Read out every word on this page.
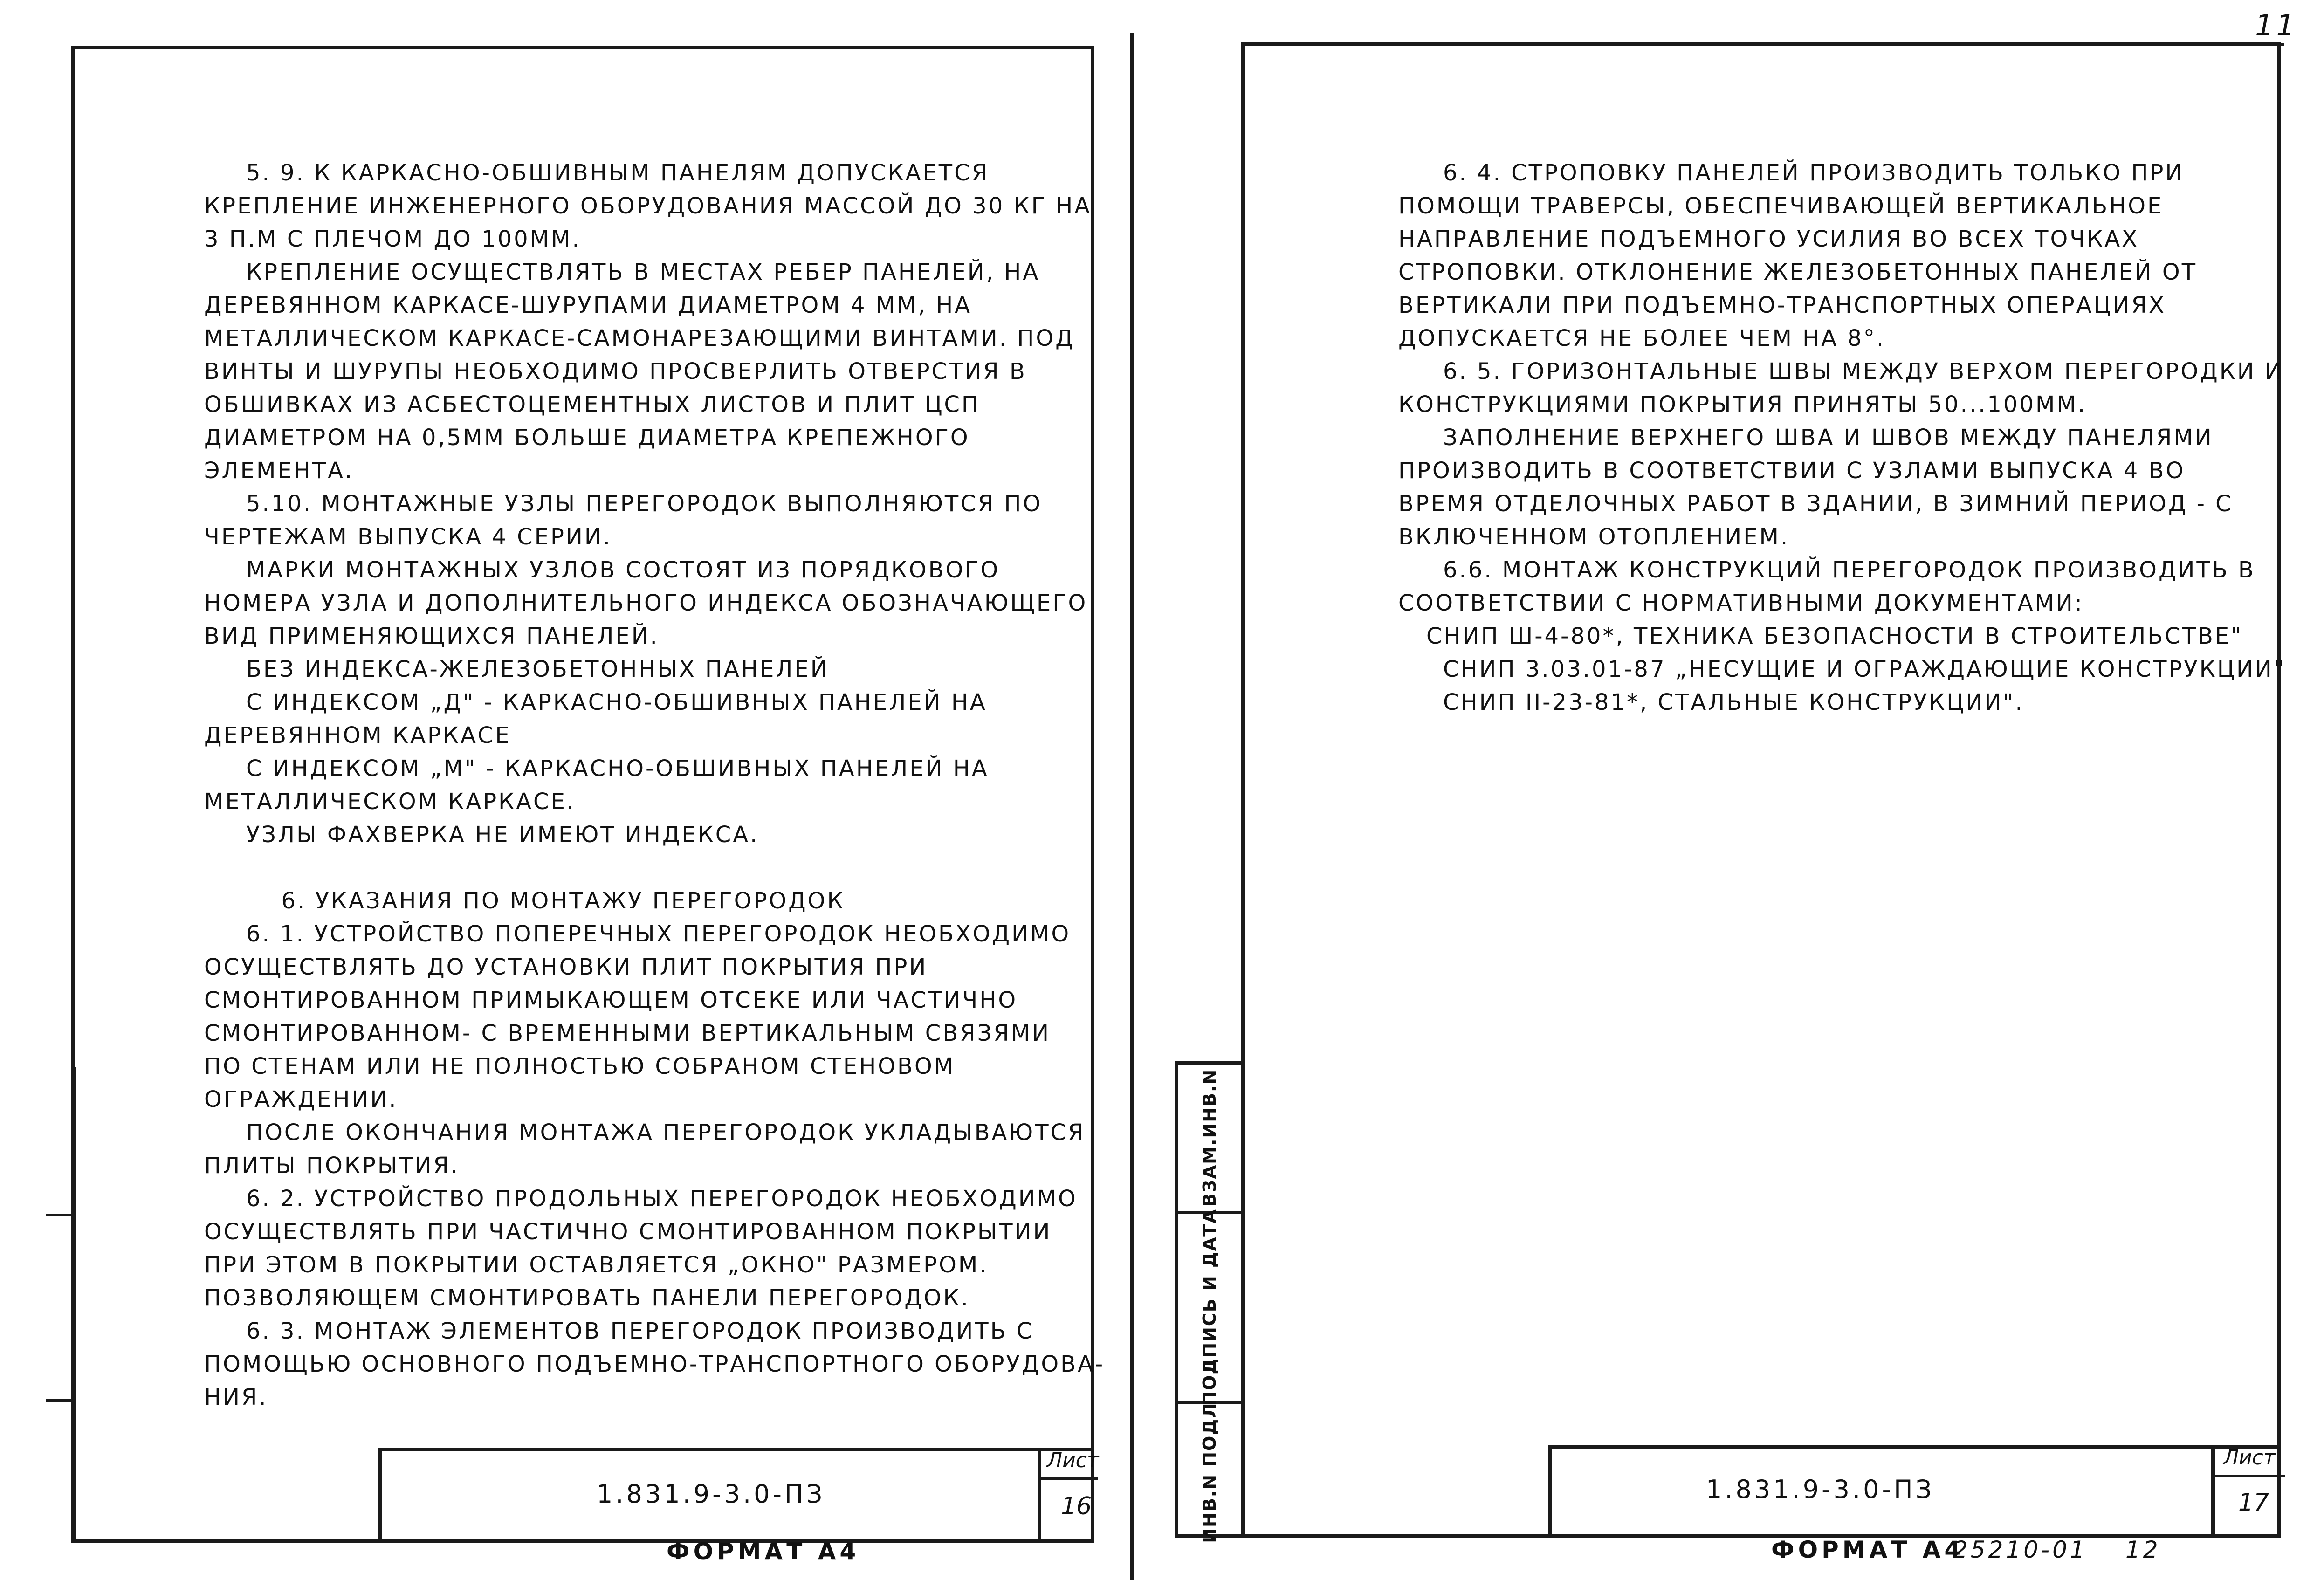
11

5. 9. К КАРКАСНО-ОБШИВНЫМ ПАНЕЛЯМ ДОПУСКАЕТСЯ

КРЕПЛЕНИЕ ИНЖЕНЕРНОГО ОБОРУДОВАНИЯ МАССОЙ ДО 30 КГ НА

3 П.М С ПЛЕЧОМ ДО 100ММ.

КРЕПЛЕНИЕ ОСУЩЕСТВЛЯТЬ В МЕСТАХ РЕБЕР ПАНЕЛЕЙ, НА

ДЕРЕВЯННОМ КАРКАСЕ-ШУРУПАМИ ДИАМЕТРОМ 4 ММ, НА

МЕТАЛЛИЧЕСКОМ КАРКАСЕ-САМОНАРЕЗАЮЩИМИ ВИНТАМИ. ПОД

ВИНТЫ И ШУРУПЫ НЕОБХОДИМО ПРОСВЕРЛИТЬ ОТВЕРСТИЯ В

ОБШИВКАХ ИЗ АСБЕСТОЦЕМЕНТНЫХ ЛИСТОВ И ПЛИТ ЦСП

ДИАМЕТРОМ НА 0,5ММ БОЛЬШЕ ДИАМЕТРА КРЕПЕЖНОГО

ЭЛЕМЕНТА.

5.10. МОНТАЖНЫЕ УЗЛЫ ПЕРЕГОРОДОК ВЫПОЛНЯЮТСЯ ПО

ЧЕРТЕЖАМ ВЫПУСКА 4 СЕРИИ.

МАРКИ МОНТАЖНЫХ УЗЛОВ СОСТОЯТ ИЗ ПОРЯДКОВОГО

НОМЕРА УЗЛА И ДОПОЛНИТЕЛЬНОГО ИНДЕКСА ОБОЗНАЧАЮЩЕГО

ВИД ПРИМЕНЯЮЩИХСЯ ПАНЕЛЕЙ.

БЕЗ ИНДЕКСА-ЖЕЛЕЗОБЕТОННЫХ ПАНЕЛЕЙ

С ИНДЕКСОМ „Д" - КАРКАСНО-ОБШИВНЫХ ПАНЕЛЕЙ НА

ДЕРЕВЯННОМ КАРКАСЕ

С ИНДЕКСОМ „М" - КАРКАСНО-ОБШИВНЫХ ПАНЕЛЕЙ НА

МЕТАЛЛИЧЕСКОМ КАРКАСЕ.

УЗЛЫ ФАХВЕРКА НЕ ИМЕЮТ ИНДЕКСА.

6. УКАЗАНИЯ ПО МОНТАЖУ ПЕРЕГОРОДОК

6. 1. УСТРОЙСТВО ПОПЕРЕЧНЫХ ПЕРЕГОРОДОК НЕОБХОДИМО

ОСУЩЕСТВЛЯТЬ ДО УСТАНОВКИ ПЛИТ ПОКРЫТИЯ ПРИ

СМОНТИРОВАННОМ ПРИМЫКАЮЩЕМ ОТСЕКЕ ИЛИ ЧАСТИЧНО

СМОНТИРОВАННОМ- С ВРЕМЕННЫМИ ВЕРТИКАЛЬНЫМ СВЯЗЯМИ

ПО СТЕНАМ ИЛИ НЕ ПОЛНОСТЬЮ СОБРАНОМ СТЕНОВОМ

ОГРАЖДЕНИИ.

ПОСЛЕ ОКОНЧАНИЯ МОНТАЖА ПЕРЕГОРОДОК УКЛАДЫВАЮТСЯ

ПЛИТЫ ПОКРЫТИЯ.

6. 2. УСТРОЙСТВО ПРОДОЛЬНЫХ ПЕРЕГОРОДОК НЕОБХОДИМО

ОСУЩЕСТВЛЯТЬ ПРИ ЧАСТИЧНО СМОНТИРОВАННОМ ПОКРЫТИИ

ПРИ ЭТОМ В ПОКРЫТИИ ОСТАВЛЯЕТСЯ „ОКНО" РАЗМЕРОМ.

ПОЗВОЛЯЮЩЕМ СМОНТИРОВАТЬ ПАНЕЛИ ПЕРЕГОРОДОК.

6. 3. МОНТАЖ ЭЛЕМЕНТОВ ПЕРЕГОРОДОК ПРОИЗВОДИТЬ С

ПОМОЩЬЮ ОСНОВНОГО ПОДЪЕМНО-ТРАНСПОРТНОГО ОБОРУДОВА-

НИЯ.

1.831.9-3.0-ПЗ
Лист
16
ФОРМАТ А4
ВЗАМ.ИНВ.N
ПОДПИСЬ И ДАТА
ИНВ.N ПОДЛ

6. 4. СТРОПОВКУ ПАНЕЛЕЙ ПРОИЗВОДИТЬ ТОЛЬКО ПРИ

ПОМОЩИ ТРАВЕРСЫ, ОБЕСПЕЧИВАЮЩЕЙ ВЕРТИКАЛЬНОЕ

НАПРАВЛЕНИЕ ПОДЪЕМНОГО УСИЛИЯ ВО ВСЕХ ТОЧКАХ

СТРОПОВКИ. ОТКЛОНЕНИЕ ЖЕЛЕЗОБЕТОННЫХ ПАНЕЛЕЙ ОТ

ВЕРТИКАЛИ ПРИ ПОДЪЕМНО-ТРАНСПОРТНЫХ ОПЕРАЦИЯХ

ДОПУСКАЕТСЯ НЕ БОЛЕЕ ЧЕМ НА 8°.

6. 5. ГОРИЗОНТАЛЬНЫЕ ШВЫ МЕЖДУ ВЕРХОМ ПЕРЕГОРОДКИ И

КОНСТРУКЦИЯМИ ПОКРЫТИЯ ПРИНЯТЫ 50...100ММ.

ЗАПОЛНЕНИЕ ВЕРХНЕГО ШВА И ШВОВ МЕЖДУ ПАНЕЛЯМИ

ПРОИЗВОДИТЬ В СООТВЕТСТВИИ С УЗЛАМИ ВЫПУСКА 4 ВО

ВРЕМЯ ОТДЕЛОЧНЫХ РАБОТ В ЗДАНИИ, В ЗИМНИЙ ПЕРИОД - С

ВКЛЮЧЕННОМ ОТОПЛЕНИЕМ.

6.6. МОНТАЖ КОНСТРУКЦИЙ ПЕРЕГОРОДОК ПРОИЗВОДИТЬ В

СООТВЕТСТВИИ С НОРМАТИВНЫМИ ДОКУМЕНТАМИ:

СНИП Ш-4-80*, ТЕХНИКА БЕЗОПАСНОСТИ В СТРОИТЕЛЬСТВЕ"

СНИП 3.03.01-87 „НЕСУЩИЕ И ОГРАЖДАЮЩИЕ КОНСТРУКЦИИ"

СНИП II-23-81*, СТАЛЬНЫЕ КОНСТРУКЦИИ".

1.831.9-3.0-ПЗ
Лист
17
ФОРМАТ А4
25210-01 12
